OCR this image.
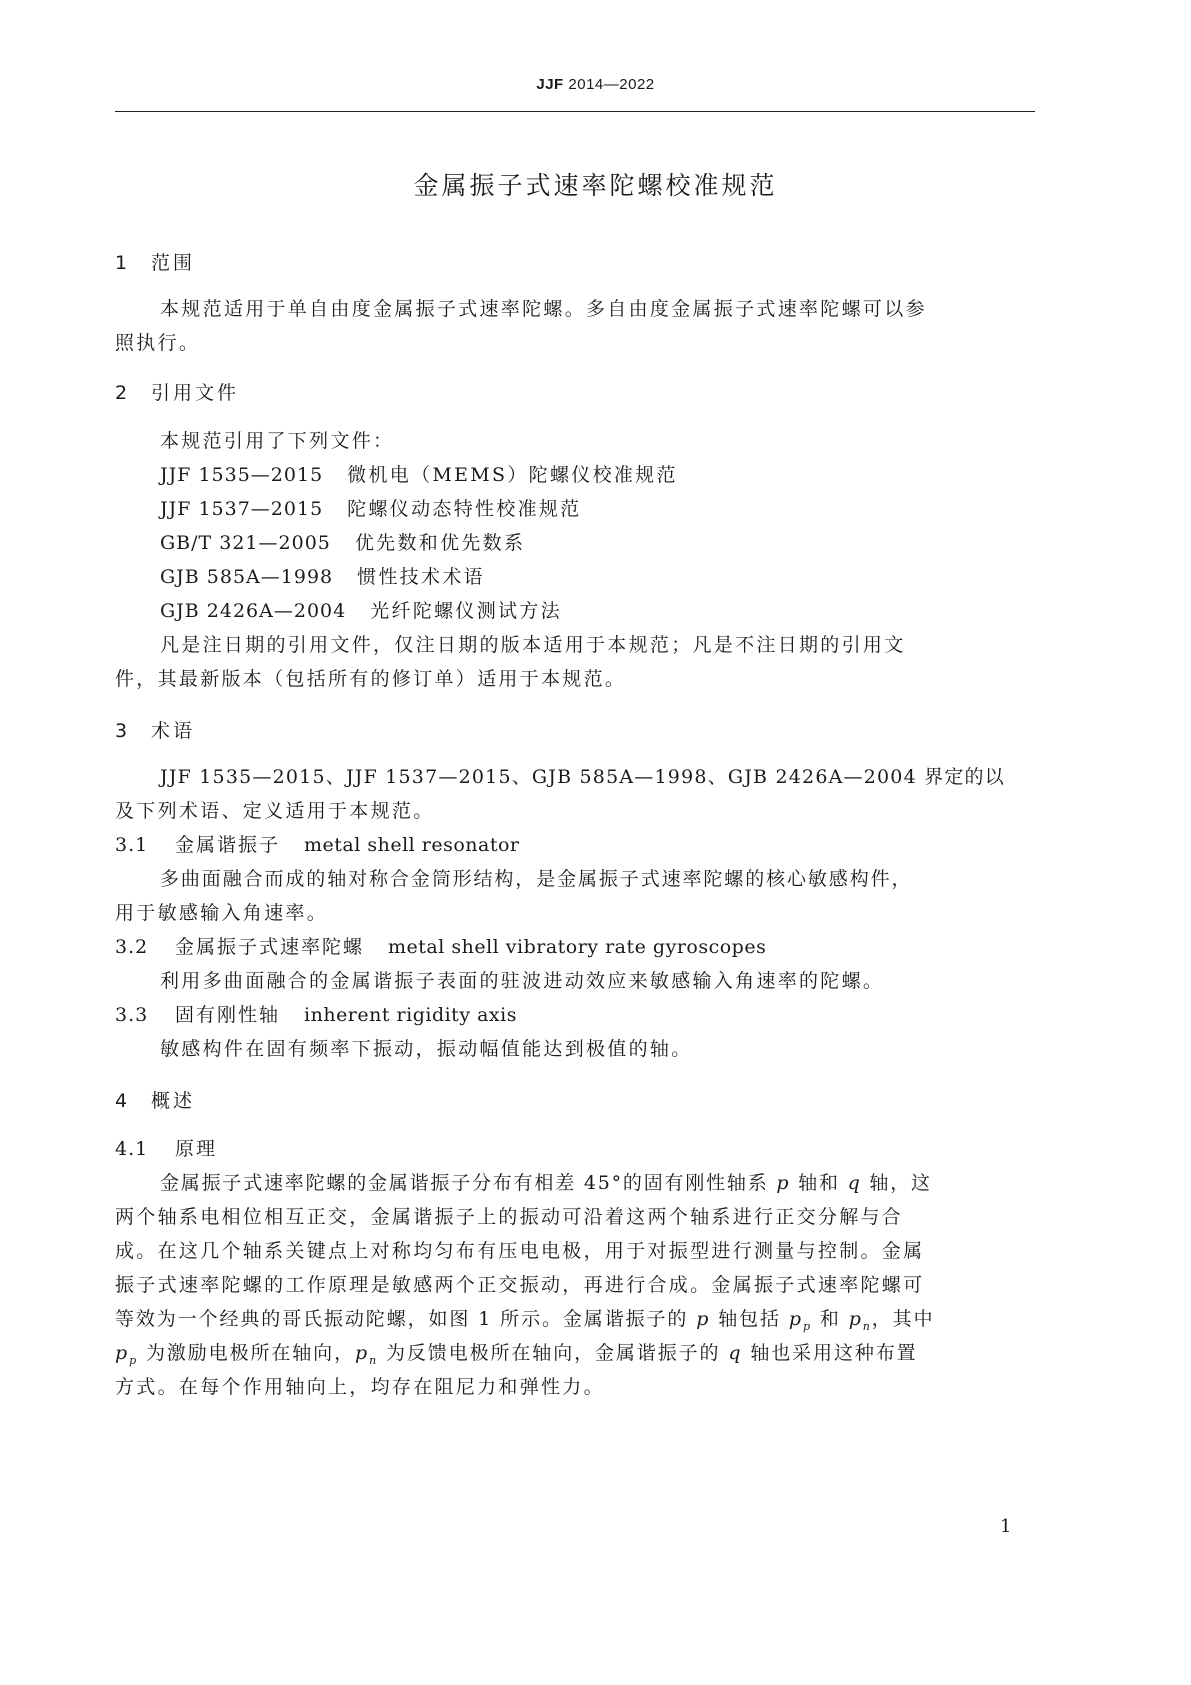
JJF 2014—2022
金属振子式速率陀螺校准规范
1 范围
本规范适用于单自由度金属振子式速率陀螺。多自由度金属振子式速率陀螺可以参
照执行。
2 引用文件
本规范引用了下列文件：
JJF 1535—2015 微机电（MEMS）陀螺仪校准规范
JJF 1537—2015 陀螺仪动态特性校准规范
GB/T 321—2005 优先数和优先数系
GJB 585A—1998 惯性技术术语
GJB 2426A—2004 光纤陀螺仪测试方法
凡是注日期的引用文件，仅注日期的版本适用于本规范；凡是不注日期的引用文
件，其最新版本（包括所有的修订单）适用于本规范。
3 术语
JJF 1535—2015、JJF 1537—2015、GJB 585A—1998、GJB 2426A—2004 界定的以
及下列术语、定义适用于本规范。
3.1 金属谐振子 metal shell resonator
多曲面融合而成的轴对称合金筒形结构，是金属振子式速率陀螺的核心敏感构件，
用于敏感输入角速率。
3.2 金属振子式速率陀螺 metal shell vibratory rate gyroscopes
利用多曲面融合的金属谐振子表面的驻波进动效应来敏感输入角速率的陀螺。
3.3 固有刚性轴 inherent rigidity axis
敏感构件在固有频率下振动，振动幅值能达到极值的轴。
4 概述
4.1 原理
金属振子式速率陀螺的金属谐振子分布有相差 45°的固有刚性轴系 p 轴和 q 轴，这
两个轴系电相位相互正交，金属谐振子上的振动可沿着这两个轴系进行正交分解与合
成。在这几个轴系关键点上对称均匀布有压电电极，用于对振型进行测量与控制。金属
振子式速率陀螺的工作原理是敏感两个正交振动，再进行合成。金属振子式速率陀螺可
等效为一个经典的哥氏振动陀螺，如图 1 所示。金属谐振子的 p 轴包括 $p_p$ 和 $p_n$，其中
$p_p$ 为激励电极所在轴向，$p_n$ 为反馈电极所在轴向，金属谐振子的 q 轴也采用这种布置
方式。在每个作用轴向上，均存在阻尼力和弹性力。
1
